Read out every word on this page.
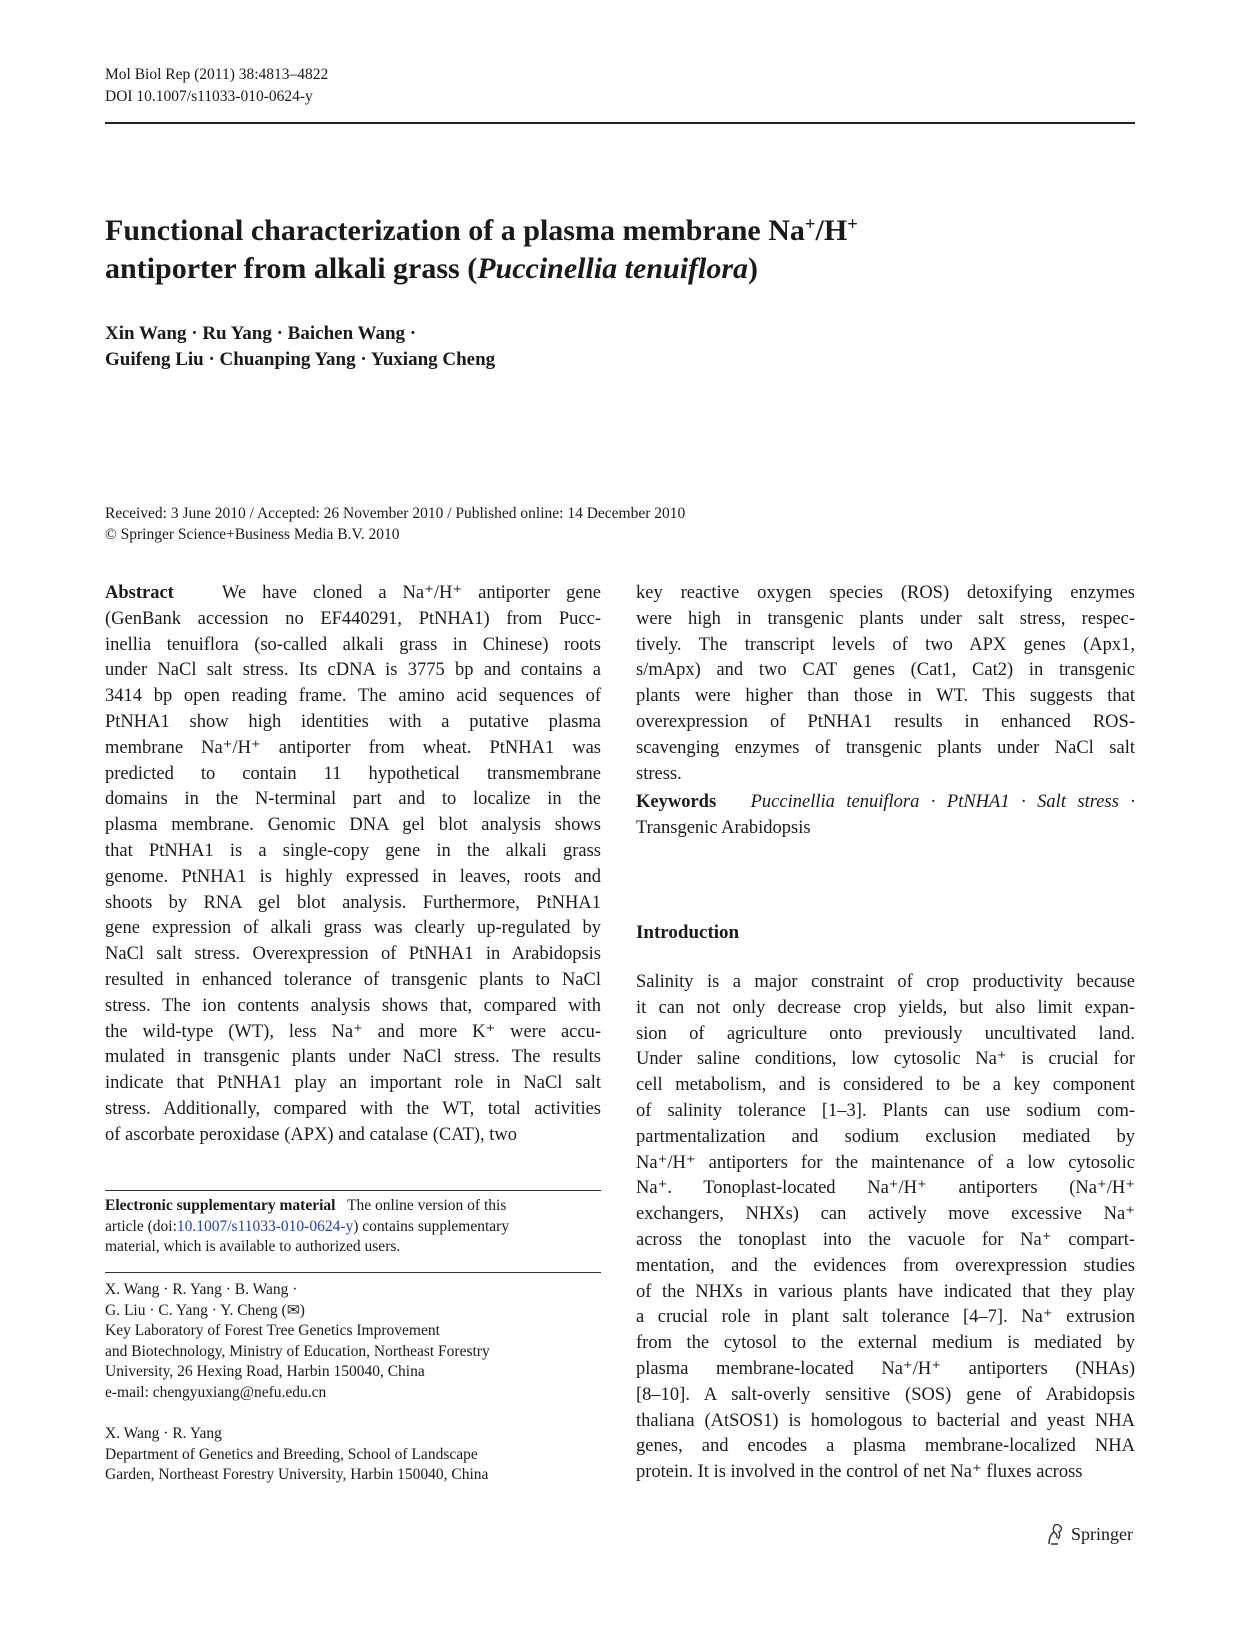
Mol Biol Rep (2011) 38:4813–4822
DOI 10.1007/s11033-010-0624-y
Functional characterization of a plasma membrane Na+/H+
antiporter from alkali grass (Puccinellia tenuiflora)
Xin Wang · Ru Yang · Baichen Wang ·
Guifeng Liu · Chuanping Yang · Yuxiang Cheng
Received: 3 June 2010 / Accepted: 26 November 2010 / Published online: 14 December 2010
© Springer Science+Business Media B.V. 2010
Abstract	We have cloned a Na⁺/H⁺ antiporter gene
(GenBank accession no EF440291, PtNHA1) from Pucc-
inellia tenuiflora (so-called alkali grass in Chinese) roots
under NaCl salt stress. Its cDNA is 3775 bp and contains a
3414 bp open reading frame. The amino acid sequences of
PtNHA1 show high identities with a putative plasma
membrane Na⁺/H⁺ antiporter from wheat. PtNHA1 was
predicted to contain 11 hypothetical transmembrane
domains in the N-terminal part and to localize in the
plasma membrane. Genomic DNA gel blot analysis shows
that PtNHA1 is a single-copy gene in the alkali grass
genome. PtNHA1 is highly expressed in leaves, roots and
shoots by RNA gel blot analysis. Furthermore, PtNHA1
gene expression of alkali grass was clearly up-regulated by
NaCl salt stress. Overexpression of PtNHA1 in Arabidopsis
resulted in enhanced tolerance of transgenic plants to NaCl
stress. The ion contents analysis shows that, compared with
the wild-type (WT), less Na⁺ and more K⁺ were accu-
mulated in transgenic plants under NaCl stress. The results
indicate that PtNHA1 play an important role in NaCl salt
stress. Additionally, compared with the WT, total activities
of ascorbate peroxidase (APX) and catalase (CAT), two
key reactive oxygen species (ROS) detoxifying enzymes
were high in transgenic plants under salt stress, respec-
tively. The transcript levels of two APX genes (Apx1,
s/mApx) and two CAT genes (Cat1, Cat2) in transgenic
plants were higher than those in WT. This suggests that
overexpression of PtNHA1 results in enhanced ROS-
scavenging enzymes of transgenic plants under NaCl salt
stress.
Keywords Puccinellia tenuiflora · PtNHA1 · Salt stress ·
Transgenic Arabidopsis
Introduction
Salinity is a major constraint of crop productivity because
it can not only decrease crop yields, but also limit expan-
sion of agriculture onto previously uncultivated land.
Under saline conditions, low cytosolic Na⁺ is crucial for
cell metabolism, and is considered to be a key component
of salinity tolerance [1–3]. Plants can use sodium com-
partmentalization and sodium exclusion mediated by
Na⁺/H⁺ antiporters for the maintenance of a low cytosolic
Na⁺. Tonoplast-located Na⁺/H⁺ antiporters (Na⁺/H⁺
exchangers, NHXs) can actively move excessive Na⁺
across the tonoplast into the vacuole for Na⁺ compart-
mentation, and the evidences from overexpression studies
of the NHXs in various plants have indicated that they play
a crucial role in plant salt tolerance [4–7]. Na⁺ extrusion
from the cytosol to the external medium is mediated by
plasma membrane-located Na⁺/H⁺ antiporters (NHAs)
[8–10]. A salt-overly sensitive (SOS) gene of Arabidopsis
thaliana (AtSOS1) is homologous to bacterial and yeast NHA
genes, and encodes a plasma membrane-localized NHA
protein. It is involved in the control of net Na⁺ fluxes across
Electronic supplementary material The online version of this
article (doi:10.1007/s11033-010-0624-y) contains supplementary
material, which is available to authorized users.
X. Wang · R. Yang · B. Wang ·
G. Liu · C. Yang · Y. Cheng (✉)
Key Laboratory of Forest Tree Genetics Improvement
and Biotechnology, Ministry of Education, Northeast Forestry
University, 26 Hexing Road, Harbin 150040, China
e-mail: chengyuxiang@nefu.edu.cn
X. Wang · R. Yang
Department of Genetics and Breeding, School of Landscape
Garden, Northeast Forestry University, Harbin 150040, China
Springer
